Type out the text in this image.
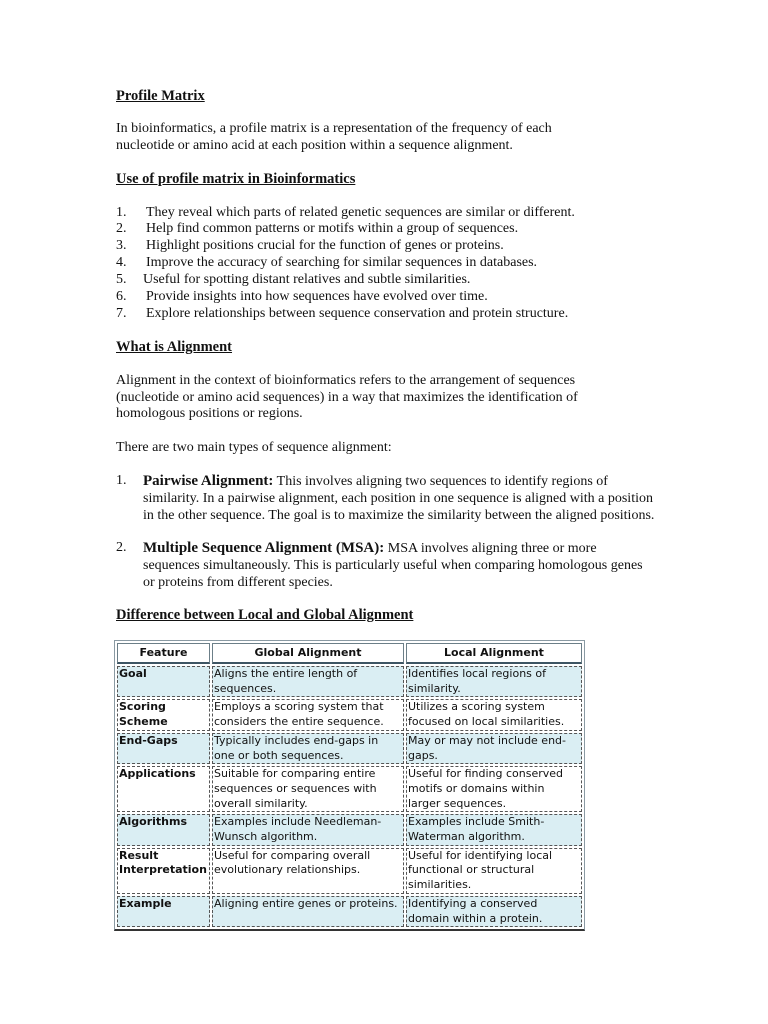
Profile Matrix
In bioinformatics, a profile matrix is a representation of the frequency of each
nucleotide or amino acid at each position within a sequence alignment.
Use of profile matrix in Bioinformatics
1. They reveal which parts of related genetic sequences are similar or different.
2. Help find common patterns or motifs within a group of sequences.
3. Highlight positions crucial for the function of genes or proteins.
4. Improve the accuracy of searching for similar sequences in databases.
5. Useful for spotting distant relatives and subtle similarities.
6. Provide insights into how sequences have evolved over time.
7. Explore relationships between sequence conservation and protein structure.
What is Alignment
Alignment in the context of bioinformatics refers to the arrangement of sequences
(nucleotide or amino acid sequences) in a way that maximizes the identification of
homologous positions or regions.
There are two main types of sequence alignment:
1. Pairwise Alignment: This involves aligning two sequences to identify regions of similarity. In a pairwise alignment, each position in one sequence is aligned with a position in the other sequence. The goal is to maximize the similarity between the aligned positions.
2. Multiple Sequence Alignment (MSA): MSA involves aligning three or more sequences simultaneously. This is particularly useful when comparing homologous genes or proteins from different species.
Difference between Local and Global Alignment
Feature	Global Alignment	Local Alignment
Goal	Aligns the entire length of sequences.	Identifies local regions of similarity.
Scoring Scheme	Employs a scoring system that considers the entire sequence.	Utilizes a scoring system focused on local similarities.
End-Gaps	Typically includes end-gaps in one or both sequences.	May or may not include end-gaps.
Applications	Suitable for comparing entire sequences or sequences with overall similarity.	Useful for finding conserved motifs or domains within larger sequences.
Algorithms	Examples include Needleman-Wunsch algorithm.	Examples include Smith-Waterman algorithm.
Result Interpretation	Useful for comparing overall evolutionary relationships.	Useful for identifying local functional or structural similarities.
Example	Aligning entire genes or proteins.	Identifying a conserved domain within a protein.
